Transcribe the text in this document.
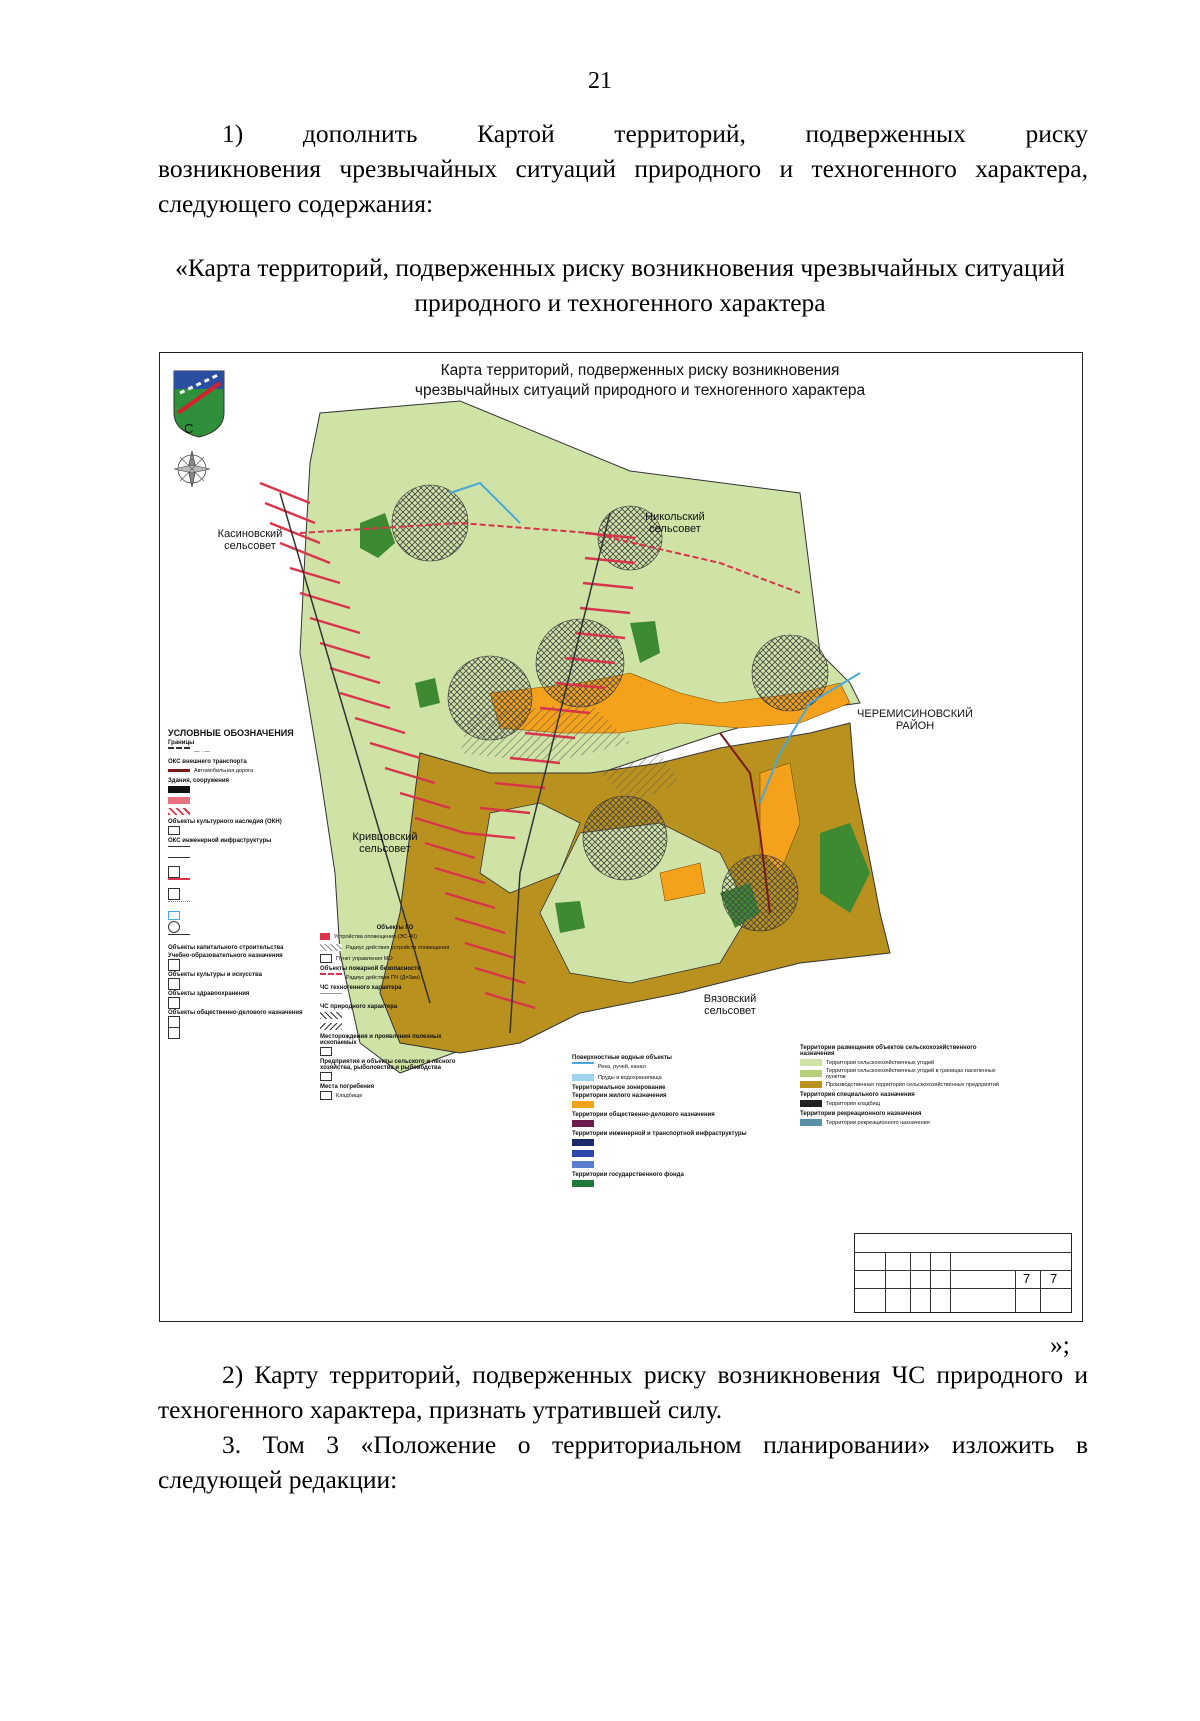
21
1) дополнить Картой территорий, подверженных риску
возникновения чрезвычайных ситуаций природного и техногенного характера, следующего содержания:
«Карта территорий, подверженных риску возникновения чрезвычайных ситуаций природного и техногенного характера
Карта территорий, подверженных риску возникновения чрезвычайных ситуаций природного и техногенного характера
С
Касиновский сельсовет
Никольский сельсовет
ЧЕРЕМИСИНОВСКИЙ РАЙОН
Кривцовский сельсовет
Вязовский сельсовет
УСЛОВНЫЕ ОБОЗНАЧЕНИЯ
Границы
— · —
ОКС внешнего транспорта
Автомобильная дорога
Здания, сооружения
Объекты культурного наследия (ОКН)
ОКС инженерной инфраструктуры
Объекты капитального строительства
Учебно-образовательного назначения
Объекты культуры и искусства
Объекты здравоохранения
Объекты общественно-делового назначения
Объекты ГО
Устройства оповещения (ЭС-40)
Радиус действия устройств оповещения
Пункт управления МО
Объекты пожарной безопасности
Радиус действия ПЧ (Д=3км)
ЧС техногенного характера
ЧС природного характера
Месторождения и проявления полезных ископаемых
Предприятия и объекты сельского и лесного хозяйства, рыболовства и рыбоводства
Места погребения
Кладбище
Поверхностные водные объекты
Река, ручей, канал
Пруды и водохранилища
Территориальное зонирование
Территории жилого назначения
Территории общественно-делового назначения
Территории инженерной и транспортной инфраструктуры
Территории государственного фонда
Территории размещения объектов сельскохозяйственного назначения
Территории сельскохозяйственных угодий
Территории сельскохозяйственных угодий в границах населенных пунктов
Производственная территория сельскохозяйственных предприятий
Территория специального назначения
Территория кладбищ
Территории рекреационного назначения
Территории рекреационного назначения
7 7
»;
2) Карту территорий, подверженных риску возникновения ЧС природного и техногенного характера, признать утратившей силу.
3. Том 3 «Положение о территориальном планировании» изложить в следующей редакции:
